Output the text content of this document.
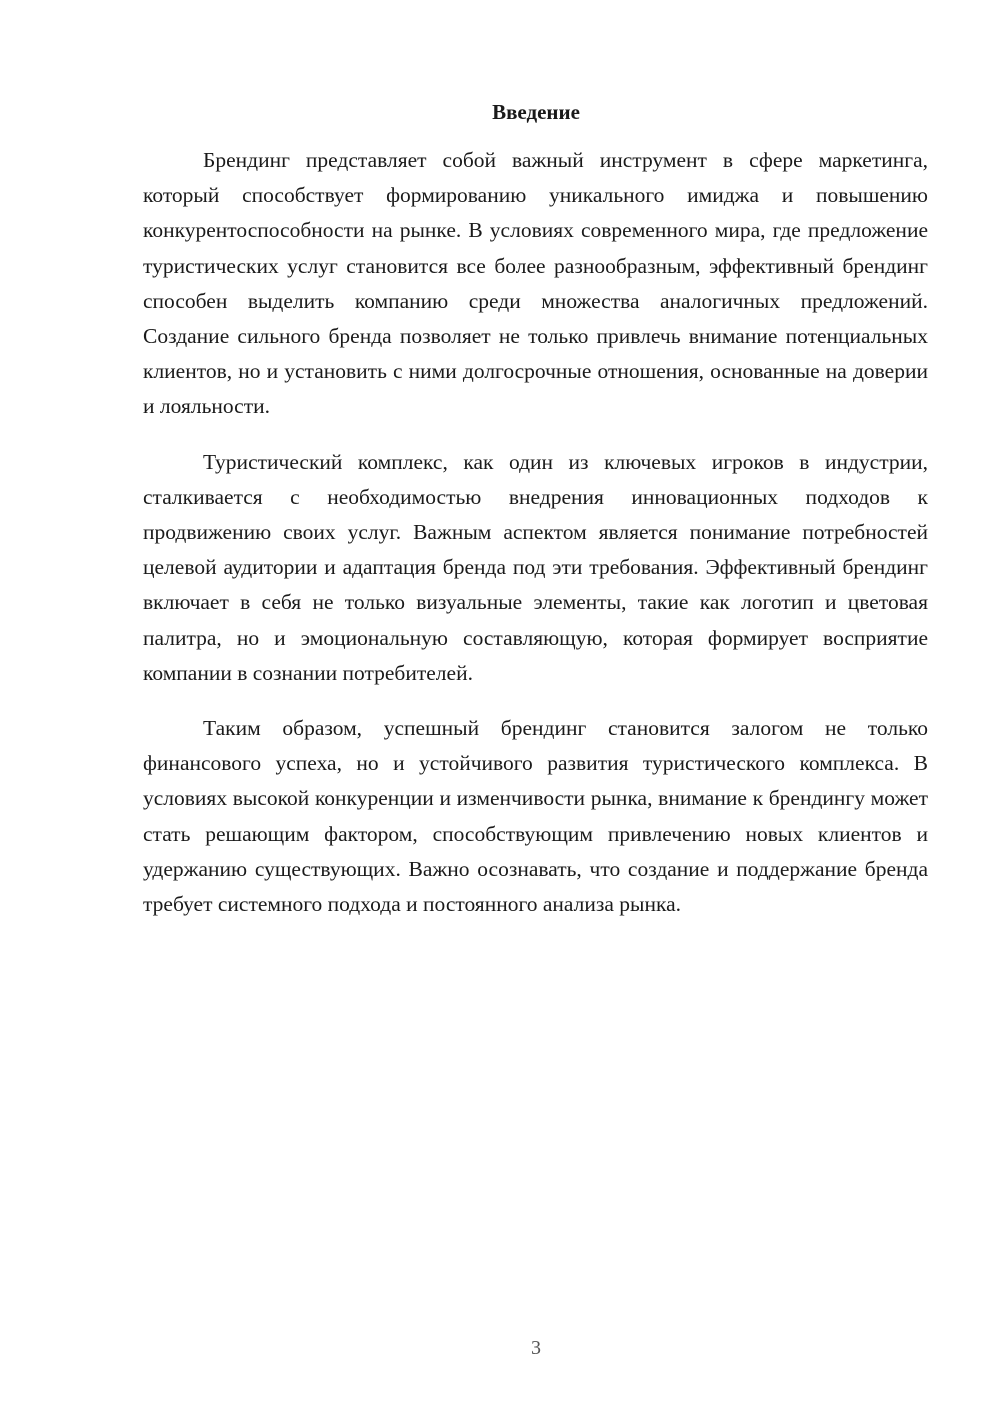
Введение

Брендинг представляет собой важный инструмент в сфере маркетинга, который способствует формированию уникального имиджа и повышению конкурентоспособности на рынке. В условиях современного мира, где предложение туристических услуг становится все более разнообразным, эффективный брендинг способен выделить компанию среди множества аналогичных предложений. Создание сильного бренда позволяет не только привлечь внимание потенциальных клиентов, но и установить с ними долгосрочные отношения, основанные на доверии и лояльности.

Туристический комплекс, как один из ключевых игроков в индустрии, сталкивается с необходимостью внедрения инновационных подходов к продвижению своих услуг. Важным аспектом является понимание потребностей целевой аудитории и адаптация бренда под эти требования. Эффективный брендинг включает в себя не только визуальные элементы, такие как логотип и цветовая палитра, но и эмоциональную составляющую, которая формирует восприятие компании в сознании потребителей.

Таким образом, успешный брендинг становится залогом не только финансового успеха, но и устойчивого развития туристического комплекса. В условиях высокой конкуренции и изменчивости рынка, внимание к брендингу может стать решающим фактором, способствующим привлечению новых клиентов и удержанию существующих. Важно осознавать, что создание и поддержание бренда требует системного подхода и постоянного анализа рынка.

3
